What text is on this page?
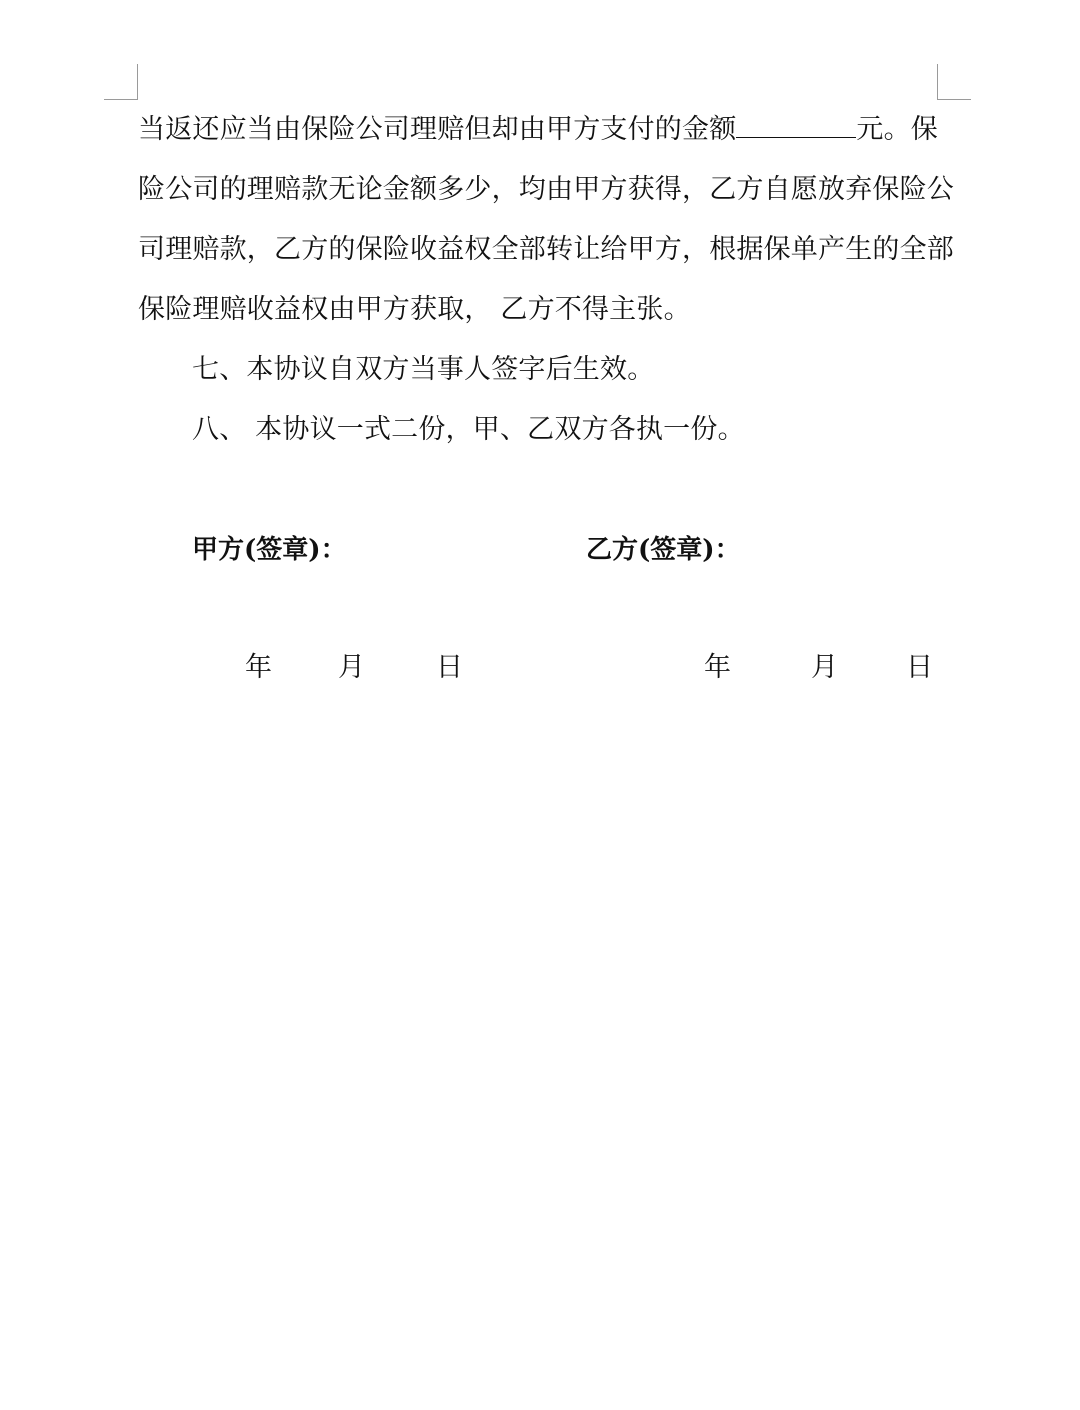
当返还应当由保险公司理赔但却由甲方支付的金额	元。保
险公司的理赔款无论金额多少，均由甲方获得，乙方自愿放弃保险公
司理赔款，乙方的保险收益权全部转让给甲方，根据保单产生的全部
保险理赔收益权由甲方获取， 乙方不得主张。
七、本协议自双方当事人签字后生效。
八、 本协议一式二份，甲、乙双方各执一份。
甲方(签章)：	乙方(签章)：
年 月	日	年	月	日
